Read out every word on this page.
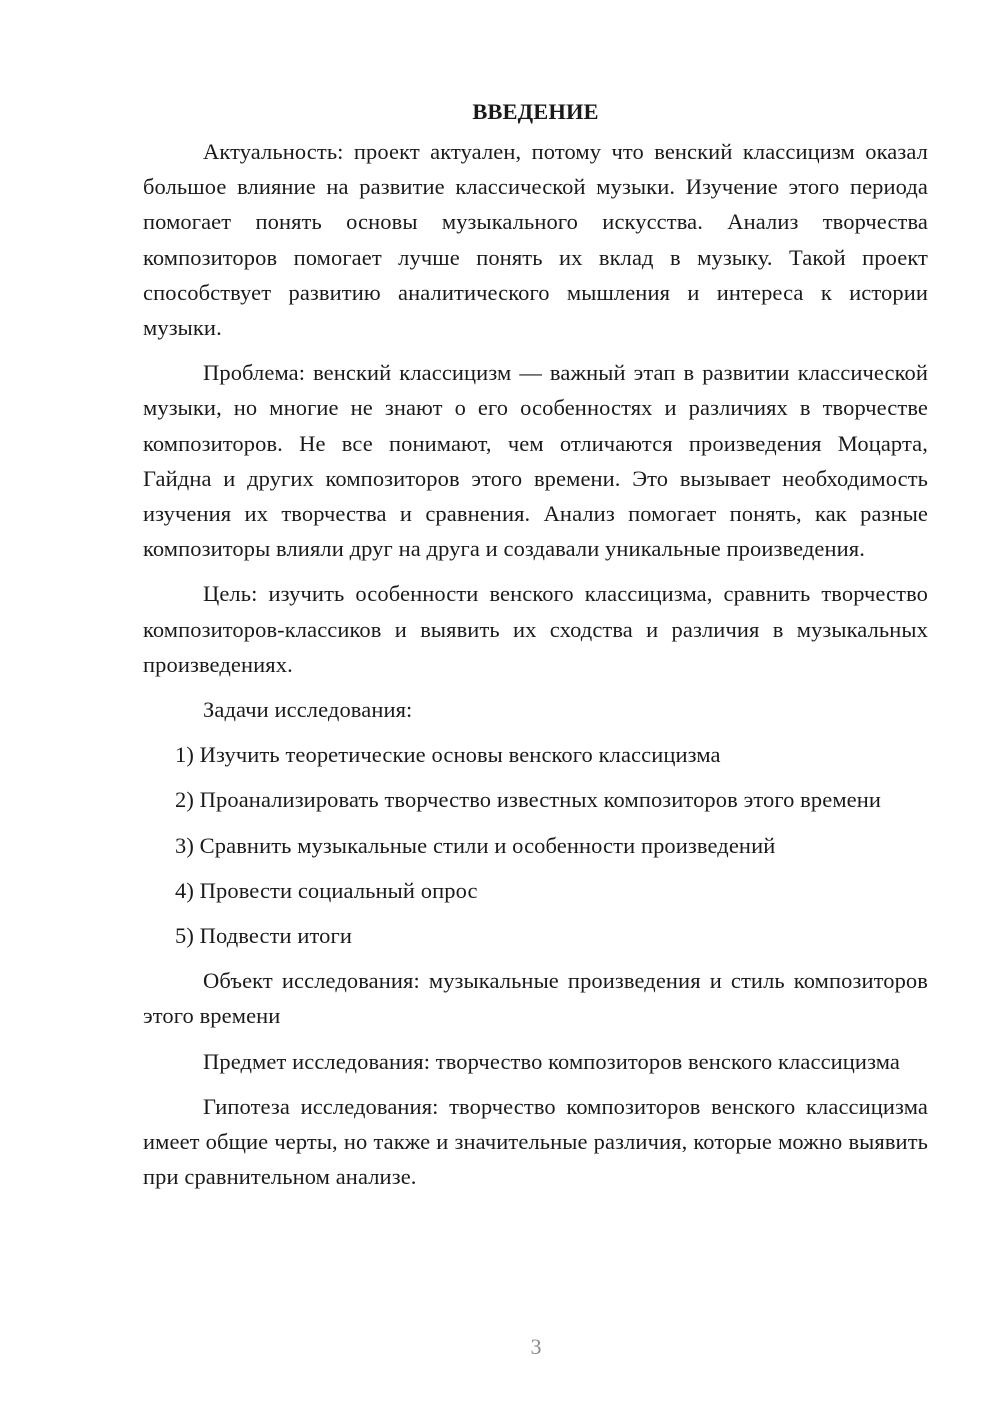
ВВЕДЕНИЕ

Актуальность: проект актуален, потому что венский классицизм оказал большое влияние на развитие классической музыки. Изучение этого периода помогает понять основы музыкального искусства. Анализ творчества композиторов помогает лучше понять их вклад в музыку. Такой проект способствует развитию аналитического мышления и интереса к истории музыки.

Проблема: венский классицизм — важный этап в развитии классической музыки, но многие не знают о его особенностях и различиях в творчестве композиторов. Не все понимают, чем отличаются произведения Моцарта, Гайдна и других композиторов этого времени. Это вызывает необходимость изучения их творчества и сравнения. Анализ помогает понять, как разные композиторы влияли друг на друга и создавали уникальные произведения.

Цель: изучить особенности венского классицизма, сравнить творчество композиторов-классиков и выявить их сходства и различия в музыкальных произведениях.

Задачи исследования:

1) Изучить теоретические основы венского классицизма

2) Проанализировать творчество известных композиторов этого времени

3) Сравнить музыкальные стили и особенности произведений

4) Провести социальный опрос

5) Подвести итоги

Объект исследования: музыкальные произведения и стиль композиторов этого времени

Предмет исследования: творчество композиторов венского классицизма

Гипотеза исследования: творчество композиторов венского классицизма имеет общие черты, но также и значительные различия, которые можно выявить при сравнительном анализе.

3
